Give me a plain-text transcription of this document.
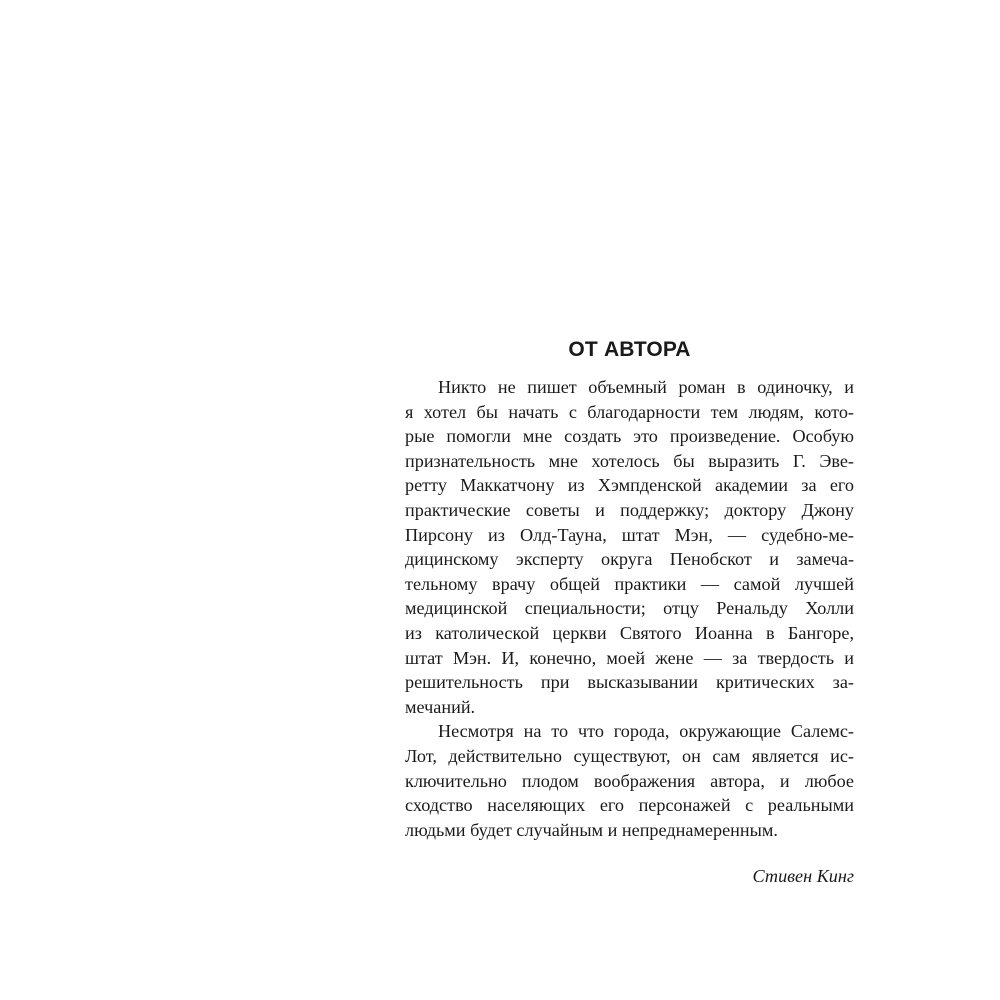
ОТ АВТОРА

Никто не пишет объемный роман в одиночку, и
я хотел бы начать с благодарности тем людям, кото-
рые помогли мне создать это произведение. Особую
признательность мне хотелось бы выразить Г. Эве-
ретту Маккатчону из Хэмпденской академии за его
практические советы и поддержку; доктору Джону
Пирсону из Олд-Тауна, штат Мэн, — судебно-ме-
дицинскому эксперту округа Пенобскот и замеча-
тельному врачу общей практики — самой лучшей
медицинской специальности; отцу Ренальду Холли
из католической церкви Святого Иоанна в Бангоре,
штат Мэн. И, конечно, моей жене — за твердость и
решительность при высказывании критических за-
мечаний.

Несмотря на то что города, окружающие Салемс-
Лот, действительно существуют, он сам является ис-
ключительно плодом воображения автора, и любое
сходство населяющих его персонажей с реальными
людьми будет случайным и непреднамеренным.

Стивен Кинг
